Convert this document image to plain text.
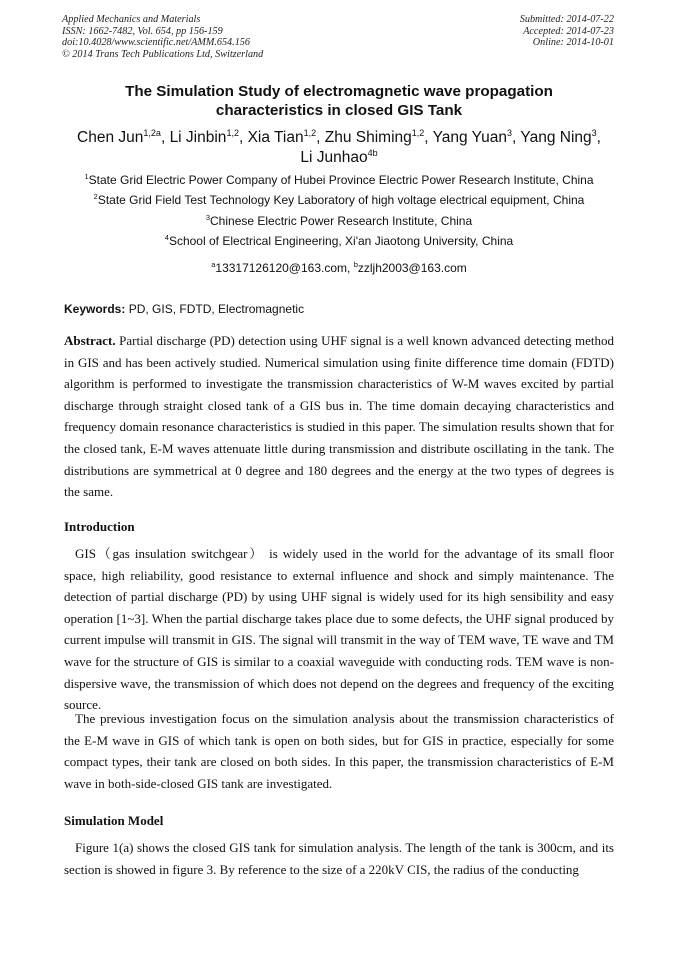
Applied Mechanics and Materials
ISSN: 1662-7482, Vol. 654, pp 156-159
doi:10.4028/www.scientific.net/AMM.654.156
© 2014 Trans Tech Publications Ltd, Switzerland
Submitted: 2014-07-22
Accepted: 2014-07-23
Online: 2014-10-01
The Simulation Study of electromagnetic wave propagation
characteristics in closed GIS Tank
Chen Jun$^{1,2a}$, Li Jinbin$^{1,2}$, Xia Tian$^{1,2}$, Zhu Shiming$^{1,2}$, Yang Yuan$^3$, Yang Ning$^3$,
Li Junhao$^{4b}$
$^1$State Grid Electric Power Company of Hubei Province Electric Power Research Institute, China
$^2$State Grid Field Test Technology Key Laboratory of high voltage electrical equipment, China
$^3$Chinese Electric Power Research Institute, China
$^4$School of Electrical Engineering, Xi'an Jiaotong University, China
$^a$13317126120@163.com, $^b$zzljh2003@163.com
Keywords: PD, GIS, FDTD, Electromagnetic
Abstract. Partial discharge (PD) detection using UHF signal is a well known advanced detecting method in GIS and has been actively studied. Numerical simulation using finite difference time domain (FDTD) algorithm is performed to investigate the transmission characteristics of W-M waves excited by partial discharge through straight closed tank of a GIS bus in. The time domain decaying characteristics and frequency domain resonance characteristics is studied in this paper. The simulation results shown that for the closed tank, E-M waves attenuate little during transmission and distribute oscillating in the tank. The distributions are symmetrical at 0 degree and 180 degrees and the energy at the two types of degrees is the same.
Introduction
GIS（gas insulation switchgear） is widely used in the world for the advantage of its small floor space, high reliability, good resistance to external influence and shock and simply maintenance. The detection of partial discharge (PD) by using UHF signal is widely used for its high sensibility and easy operation [1~3]. When the partial discharge takes place due to some defects, the UHF signal produced by current impulse will transmit in GIS. The signal will transmit in the way of TEM wave, TE wave and TM wave for the structure of GIS is similar to a coaxial waveguide with conducting rods. TEM wave is non-dispersive wave, the transmission of which does not depend on the degrees and frequency of the exciting source.
The previous investigation focus on the simulation analysis about the transmission characteristics of the E-M wave in GIS of which tank is open on both sides, but for GIS in practice, especially for some compact types, their tank are closed on both sides. In this paper, the transmission characteristics of E-M wave in both-side-closed GIS tank are investigated.
Simulation Model
Figure 1(a) shows the closed GIS tank for simulation analysis. The length of the tank is 300cm, and its section is showed in figure 3. By reference to the size of a 220kV CIS, the radius of the conducting
